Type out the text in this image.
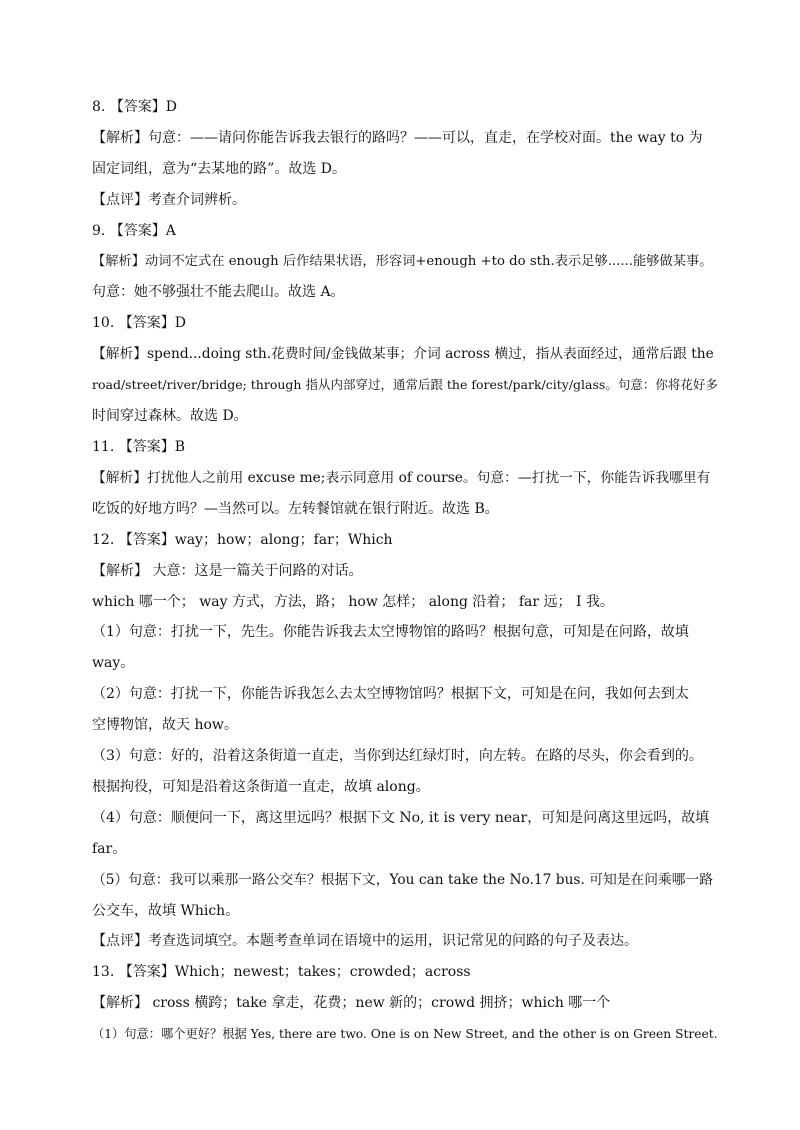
8. 【答案】D

【解析】句意：——请问你能告诉我去银行的路吗？——可以，直走，在学校对面。the way to 为

固定词组，意为“去某地的路”。故选 D。

【点评】考查介词辨析。

9. 【答案】A

【解析】动词不定式在 enough 后作结果状语，形容词+enough +to do sth.表示足够......能够做某事。

句意：她不够强壮不能去爬山。故选 A。

10. 【答案】D

【解析】spend...doing sth.花费时间/金钱做某事；介词 across 横过，指从表面经过，通常后跟 the

road/street/river/bridge; through 指从内部穿过，通常后跟 the forest/park/city/glass。句意：你将花好多

时间穿过森林。故选 D。

11. 【答案】B

【解析】打扰他人之前用 excuse me;表示同意用 of course。句意：—打扰一下，你能告诉我哪里有

吃饭的好地方吗？—当然可以。左转餐馆就在银行附近。故选 B。

12. 【答案】way；how；along；far；Which

【解析】 大意：这是一篇关于问路的对话。

which 哪一个； way 方式，方法，路； how 怎样； along 沿着； far 远； I 我。

（1）句意：打扰一下，先生。你能告诉我去太空博物馆的路吗？根据句意，可知是在问路，故填

way。

（2）句意：打扰一下，你能告诉我怎么去太空博物馆吗？根据下文，可知是在问，我如何去到太

空博物馆，故天 how。

（3）句意：好的，沿着这条街道一直走，当你到达红绿灯时，向左转。在路的尽头，你会看到的。

根据拘役，可知是沿着这条街道一直走，故填 along。

（4）句意：顺便问一下，离这里远吗？根据下文 No, it is very near，可知是问离这里远吗，故填

far。

（5）句意：我可以乘那一路公交车？根据下文，You can take the No.17 bus. 可知是在问乘哪一路

公交车，故填 Which。

【点评】考查选词填空。本题考查单词在语境中的运用，识记常见的问路的句子及表达。

13. 【答案】Which；newest；takes；crowded；across

【解析】 cross 横跨；take 拿走，花费；new 新的；crowd 拥挤；which 哪一个

（1）句意：哪个更好？根据 Yes, there are two. One is on New Street, and the other is on Green Street.
